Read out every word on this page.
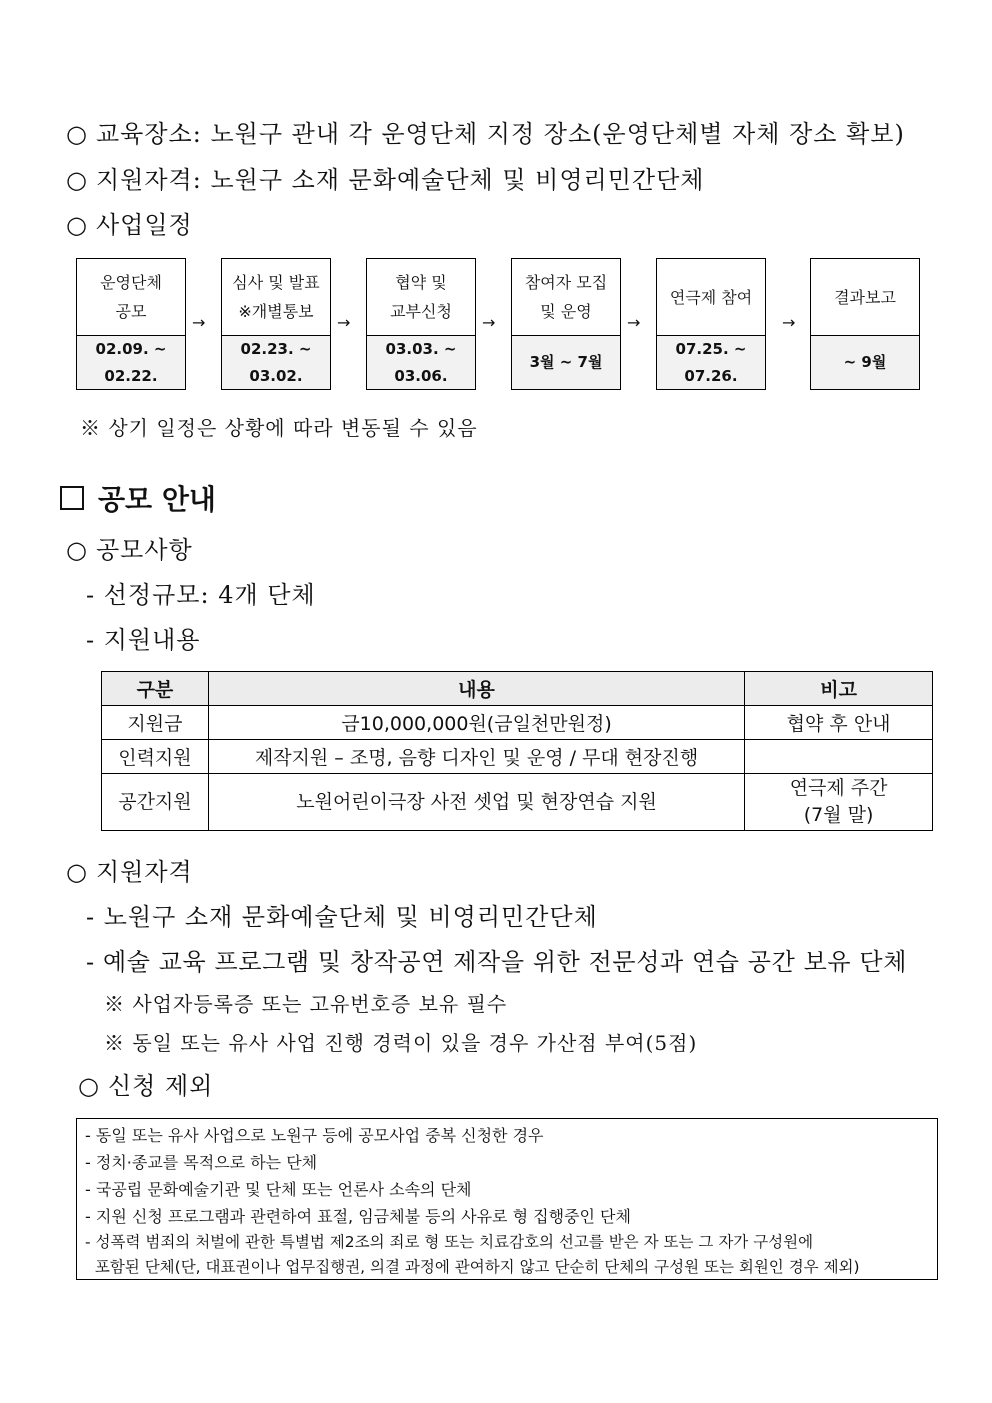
○ 교육장소: 노원구 관내 각 운영단체 지정 장소(운영단체별 자체 장소 확보)
○ 지원자격: 노원구 소재 문화예술단체 및 비영리민간단체
○ 사업일정
운영단체
공모
02.09. ~
02.22.
→
심사 및 발표
※개별통보
02.23. ~
03.02.
→
협약 및
교부신청
03.03. ~
03.06.
→
참여자 모집
및 운영
3월 ~ 7월
→
연극제 참여
07.25. ~
07.26.
→
결과보고
~ 9월
※ 상기 일정은 상황에 따라 변동될 수 있음
공모 안내
○ 공모사항
- 선정규모: 4개 단체
- 지원내용
구분	내용	비고
지원금	금10,000,000원(금일천만원정)	협약 후 안내
인력지원	제작지원 – 조명, 음향 디자인 및 운영 / 무대 현장진행	
공간지원	노원어린이극장 사전 셋업 및 현장연습 지원	연극제 주간
(7월 말)
○ 지원자격
- 노원구 소재 문화예술단체 및 비영리민간단체
- 예술 교육 프로그램 및 창작공연 제작을 위한 전문성과 연습 공간 보유 단체
※ 사업자등록증 또는 고유번호증 보유 필수
※ 동일 또는 유사 사업 진행 경력이 있을 경우 가산점 부여(5점)
○ 신청 제외
- 동일 또는 유사 사업으로 노원구 등에 공모사업 중복 신청한 경우
- 정치·종교를 목적으로 하는 단체
- 국공립 문화예술기관 및 단체 또는 언론사 소속의 단체
- 지원 신청 프로그램과 관련하여 표절, 임금체불 등의 사유로 형 집행중인 단체
- 성폭력 범죄의 처벌에 관한 특별법 제2조의 죄로 형 또는 치료감호의 선고를 받은 자 또는 그 자가 구성원에
포함된 단체(단, 대표권이나 업무집행권, 의결 과정에 관여하지 않고 단순히 단체의 구성원 또는 회원인 경우 제외)
